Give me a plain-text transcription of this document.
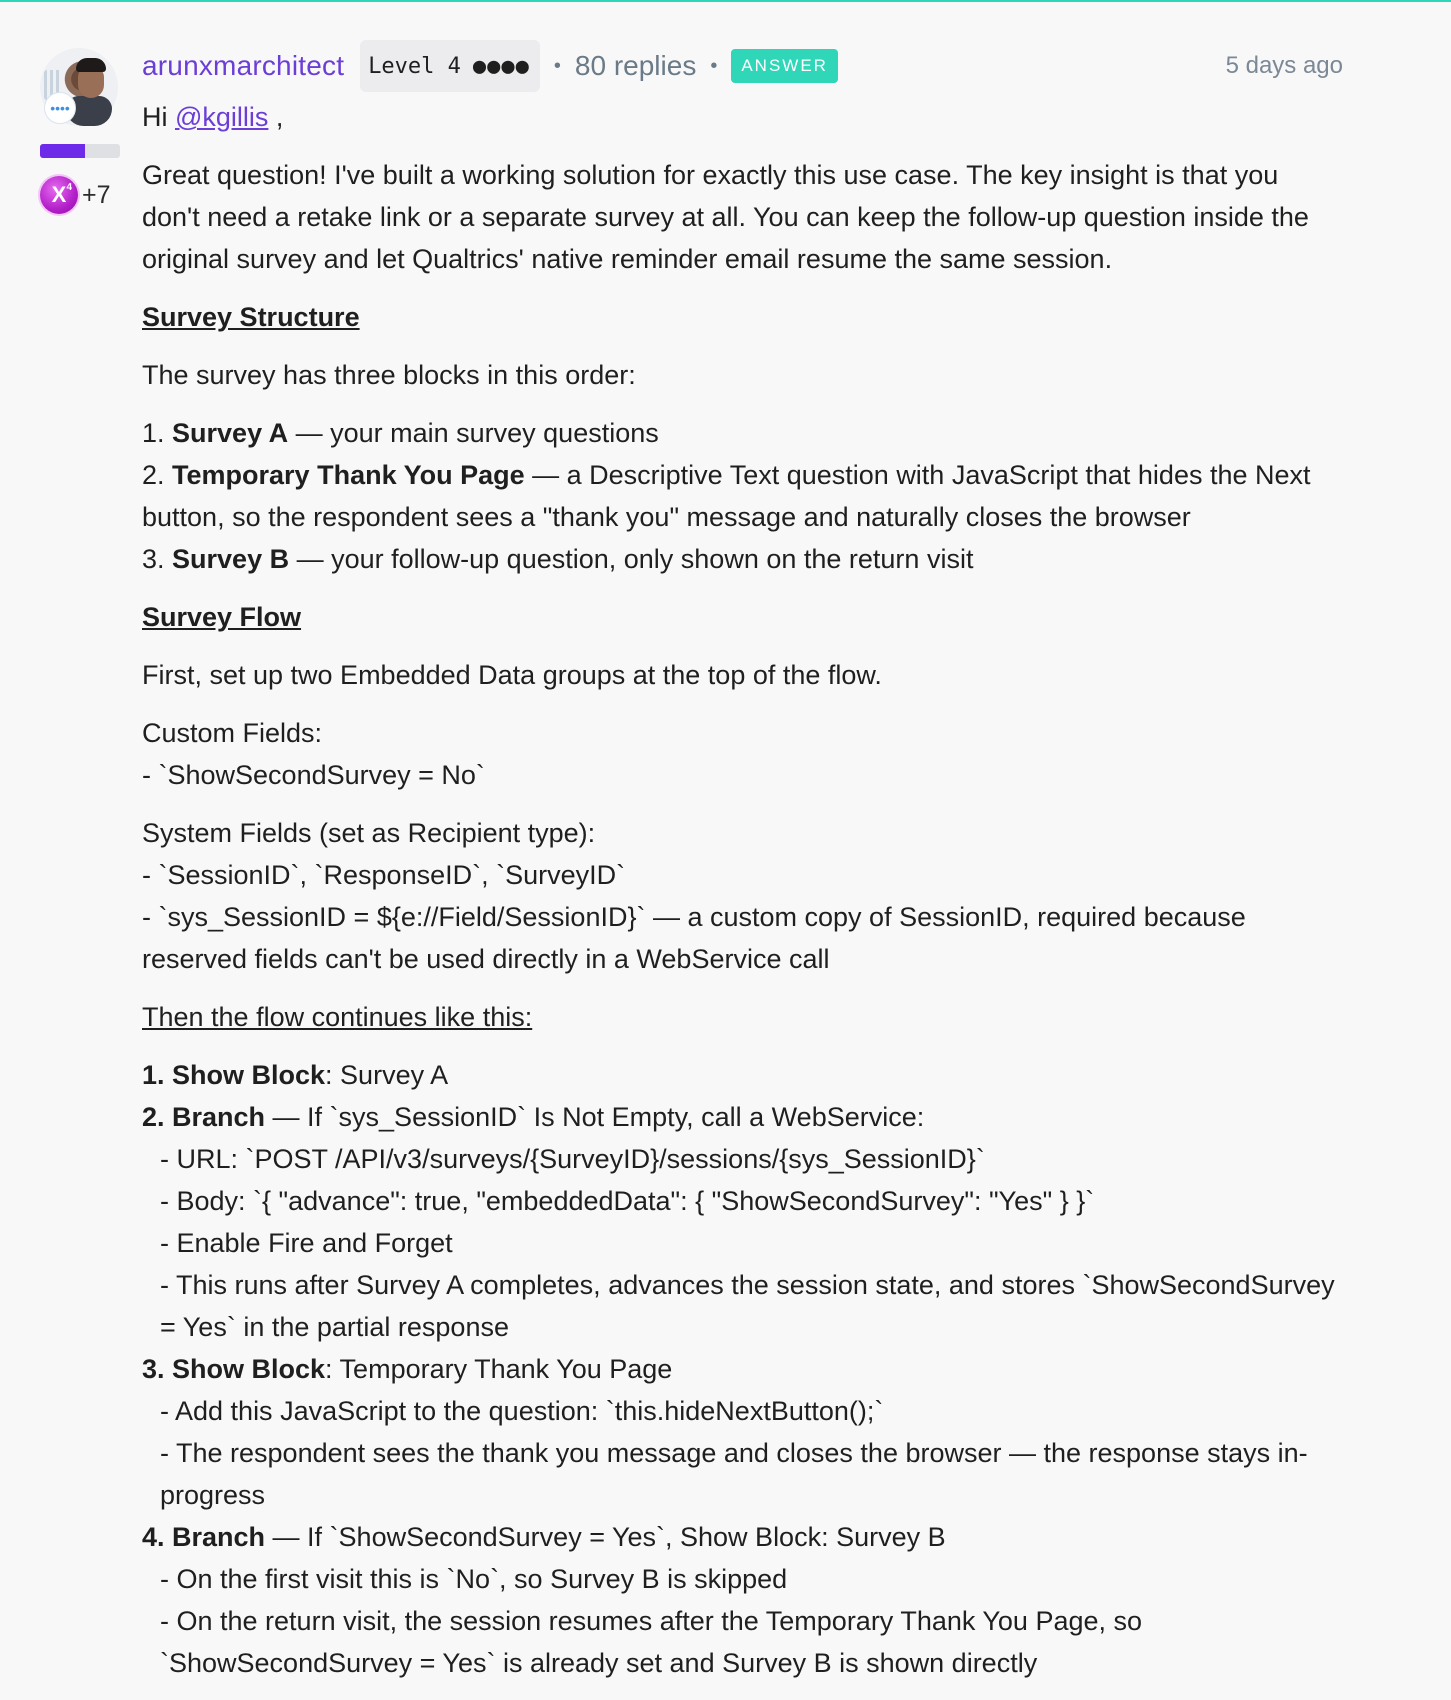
••••
$X^4 +7$
arunxmarchitect Level 4 ●●●● • 80 replies •	ANSWER	5 days ago

Hi @kgillis ,

Great question! I've built a working solution for exactly this use case. The key insight is that you don't need a retake link or a separate survey at all. You can keep the follow-up question inside the original survey and let Qualtrics' native reminder email resume the same session.

Survey Structure

The survey has three blocks in this order:

1. Survey A — your main survey questions
2. Temporary Thank You Page — a Descriptive Text question with JavaScript that hides the Next button, so the respondent sees a "thank you" message and naturally closes the browser
3. Survey B — your follow-up question, only shown on the return visit

Survey Flow

First, set up two Embedded Data groups at the top of the flow.

Custom Fields:
- `ShowSecondSurvey = No`

System Fields (set as Recipient type):
- `SessionID`, `ResponseID`, `SurveyID`
- `sys_SessionID = ${e://Field/SessionID}` — a custom copy of SessionID, required because reserved fields can't be used directly in a WebService call

Then the flow continues like this:

1. Show Block: Survey A
2. Branch — If `sys_SessionID` Is Not Empty, call a WebService:
- URL: `POST /API/v3/surveys/{SurveyID}/sessions/{sys_SessionID}`
- Body: `{ "advance": true, "embeddedData": { "ShowSecondSurvey": "Yes" } }`
- Enable Fire and Forget
- This runs after Survey A completes, advances the session state, and stores `ShowSecondSurvey = Yes` in the partial response
3. Show Block: Temporary Thank You Page
- Add this JavaScript to the question: `this.hideNextButton();`
- The respondent sees the thank you message and closes the browser — the response stays in-progress
4. Branch — If `ShowSecondSurvey = Yes`, Show Block: Survey B
- On the first visit this is `No`, so Survey B is skipped
- On the return visit, the session resumes after the Temporary Thank You Page, so `ShowSecondSurvey = Yes` is already set and Survey B is shown directly
